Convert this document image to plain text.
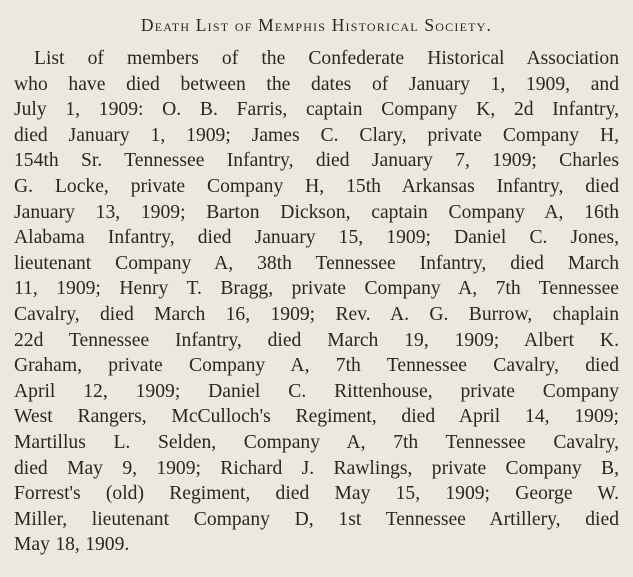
Death List of Memphis Historical Society.

List of members of the Confederate Historical Association
who have died between the dates of January 1, 1909, and
July 1, 1909: O. B. Farris, captain Company K, 2d Infantry,
died January 1, 1909; James C. Clary, private Company H,
154th Sr. Tennessee Infantry, died January 7, 1909; Charles
G. Locke, private Company H, 15th Arkansas Infantry, died
January 13, 1909; Barton Dickson, captain Company A, 16th
Alabama Infantry, died January 15, 1909; Daniel C. Jones,
lieutenant Company A, 38th Tennessee Infantry, died March
11, 1909; Henry T. Bragg, private Company A, 7th Tennessee
Cavalry, died March 16, 1909; Rev. A. G. Burrow, chaplain
22d Tennessee Infantry, died March 19, 1909; Albert K.
Graham, private Company A, 7th Tennessee Cavalry, died
April 12, 1909; Daniel C. Rittenhouse, private Company
West Rangers, McCulloch's Regiment, died April 14, 1909;
Martillus L. Selden, Company A, 7th Tennessee Cavalry,
died May 9, 1909; Richard J. Rawlings, private Company B,
Forrest's (old) Regiment, died May 15, 1909; George W.
Miller, lieutenant Company D, 1st Tennessee Artillery, died
May 18, 1909.
